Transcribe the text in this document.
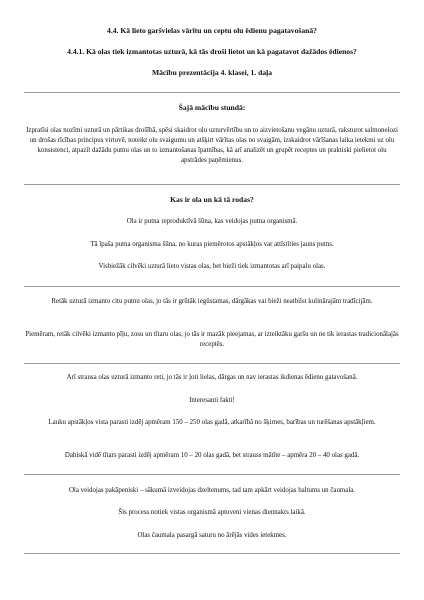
4.4. Kā lieto garšvielas vārītu un ceptu olu ēdienu pagatavošanā?
4.4.1. Kā olas tiek izmantotas uzturā, kā tās droši lietot un kā pagatavot dažādos ēdienos?
Mācību prezentācija 4. klasei, 1. daļa
Šajā mācību stundā:
Izpratīsi olas nozīmi uzturā un pārtikas drošībā, spēsi skaidrot olu uzturvērtību un to aizvietošanu vegānu uzturā, raksturot salmonelozi un drošas rīcības principus virtuvē, noteikt olu svaigumu un atšķirt vārītas olas no svaigām, izskaidrot vārīšanas laika ietekmi uz olu konsistenci, atpazīt dažādu putnu olas un to izmantošanas īpatnības, kā arī analizēt un grupēt receptes un praktiski pielietot olu apstrādes paņēmienus.
Kas ir ola un kā tā rodas?
Ola ir putna reproduktīvā šūna, kas veidojas putna organismā.
Tā īpaša putna organisma šūna, no kuras piemērotos apstākļos var attīstīties jauns putns.
Visbiežāk cilvēki uzturā lieto vistas olas, bet bieži tiek izmantotas arī paipalu olas.
Retāk uzturā izmanto citu putnu olas, jo tās ir grūtāk iegūstamas, dārgākas vai bieži neatbilst kulinārajām tradīcijām.
Piemēram, retāk cilvēki izmanto pīļu, zosu un tītaru olas, jo tās ir mazāk pieejamas, ar izteiktāku garšu un ne tik ierastas tradicionālajās receptēs.
Arī strausa olas uzturā izmanto reti, jo tās ir ļoti lielas, dārgas un nav ierastas ikdienas ēdienu gatavošanā.
Interesanti fakti!
Lauku apstākļos vista parasti izdēj apmēram 150 – 250 olas gadā, atkarībā no šķirnes, barības un turēšanas apstākļiem.
Dabiskā vidē tītars parasti izdēj apmēram 10 – 20 olas gadā, bet strauss mātīte – apmēra 20 – 40 olas gadā.
Ola veidojas pakāpeniski – sākumā izveidojas dzeltenums, tad tam apkārt veidojas baltums un čaumala.
Šis process notiek vistas organismā aptuveni vienas diennakts laikā.
Olas čaumala pasargā saturu no ārējās vides ietekmes.
